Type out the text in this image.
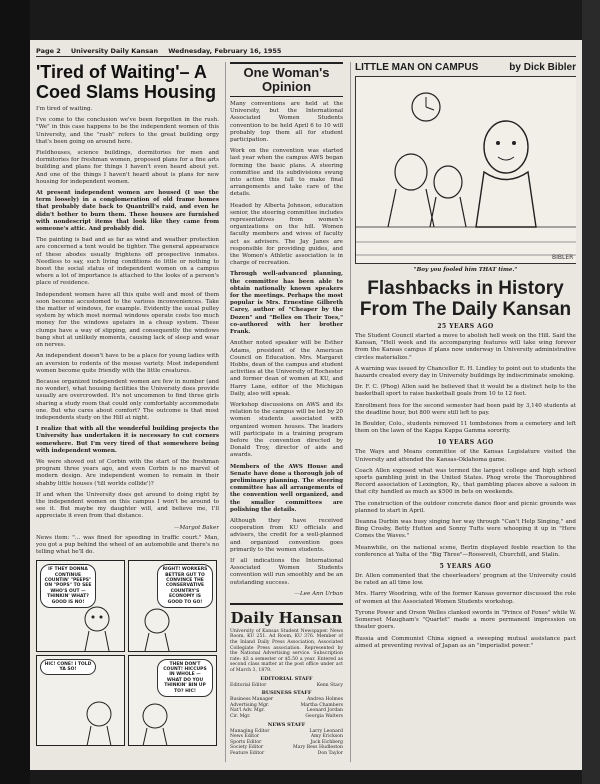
Page 2 University Daily Kansan Wednesday, February 16, 1955
'Tired of Waiting'– A Coed Slams Housing

I'm tired of waiting.

I've come to the conclusion we've been forgotten in the rush. "We" in this case happens to be the independent women of this University, and the "rush" refers to the great building orgy that's been going on around here.

Fieldhouses, science buildings, dormitories for men and dormitories for freshman women, proposed plans for a fine arts building and plans for things I haven't even heard about yet. And one of the things I haven't heard about is plans for new housing for independent women.

At present independent women are housed (I use the term loosely) in a conglomeration of old frame homes that probably date back to Quantrill's raid, and even he didn't bother to burn them. These houses are furnished with nondescript items that look like they came from someone's attic. And probably did.

The painting is bad and as far as wind and weather protection are concerned a tent would be tighter. The general appearance of these abodes usually frightens off prospective inmates. Needless to say, such living conditions do little or nothing to boost the social status of independent women on a campus where a lot of importance is attached to the looks of a person's place of residence.

Independent women have all this quite well and most of them soon become accustomed to the various inconveniences. Take the matter of windows, for example. Evidently the usual pulley system by which most normal windows operate costs too much money for the windows upstairs in a cheap system. These clumps have a way of slipping, and consequently the windows bang shut at unlikely moments, causing lack of sleep and wear on nerves.

An independent doesn't have to be a place for young ladies with an aversion to rodents of the mouse variety. Most independent women become quite friendly with the little creatures.

Because organized independent women are few in number (and no wonder), what housing facilities the University does provide usually are overcrowded. It's not uncommon to find three girls sharing a study room that could only comfortably accommodate one. But who cares about comfort? The outcome is that most independents study on the Hill at night.

I realize that with all the wonderful building projects the University has undertaken it is necessary to cut corners somewhere. But I'm very tired of that somewhere being with independent women.

We were shoved out of Corbin with the start of the freshman program three years ago, and even Corbin is no marvel of modern design. Are independent women to remain in their shabby little houses ('till worlds collide')?

If and when the University does get around to doing right by the independent women on this campus I won't be around to see it. But maybe my daughter will, and believe me, I'll appreciate it even from that distance.

—Margot Baker

News item: "... was fined for speeding in traffic court." Man, you got a pup behind the wheel of an automobile and there's no telling what he'll do.

IF THEY DONNA CONTINUE COUNTIN' "PEEPS" ON "POPS" TO SEE WHO'S OUT — THINKIN' WHAT? GOOD IS NO!
RIGHT! WORKERS BETTER GUT TO CONVINCE THE CONSERVATIVE COUNTRY'S ECONOMY IS GOOD TO GO!
HIC! CONE! I TOLD YA SO!
THEN DON'T COUNT! HICCUPS IN WHOLE — WHAT DO YOU THINKIN' BIN UP TO? HIC!
One Woman's Opinion

Many conventions are held at the University, but the International Associated Women Students convention to be held April 6 to 10 will probably top them all for student participation.

Work on the convention was started last year when the campus AWS began forming the basic plans. A steering committee and its subdivisions swung into action this fall to make final arrangements and take care of the details.

Headed by Alberta Johnson, education senior, the steering committee includes representatives from women's organizations on the hill. Women faculty members and wives of faculty act as advisers. The Jay Janes are responsible for providing guides, and the Women's Athletic association is in charge of recreation.

Through well-advanced planning, the committee has been able to obtain nationally known speakers for the meetings. Perhaps the most popular is Mrs. Ernestine Gilbreth Carey, author of "Cheaper by the Dozen" and "Belles on Their Toes," co-authored with her brother Frank.

Another noted speaker will be Esther Adams, president of the American Council on Education. Mrs. Margaret Hobbs, dean of the campus and student activities at the University of Rochester and former dean of women at KU, and Harry Lane, editor of the Michigan Daily, also will speak.

Workshop discussions on AWS and its relation to the campus will be led by 20 women students associated with organized women houses. The leaders will participate in a training program before the convention directed by Donald Troy, director of aids and awards.

Members of the AWS House and Senate have done a thorough job of preliminary planning. The steering committee has all arrangements of the convention well organized, and the smaller committees are polishing the details.

Although they have received cooperation from KU officials and advisers, the credit for a well-planned and organized convention goes primarily to the women students.

If all indications the International Associated Women Students convention will run smoothly and be an outstanding success.

—Lee Ann Urban
Daily Hansan

University of Kansas Student Newspaper. News Room, KU 251. Ad Room, KU 376. Member of the Inland Daily Press Association, Associated Collegiate Press association. Represented by the National Advertising service. Subscription rate: $3 a semester or $5.50 a year. Entered as second class matter at the post office under act of March 3, 1879.

EDITORIAL STAFF
Editorial Editor	Kenn Stacy
BUSINESS STAFF
Business Manager	Andrea Holmes
Advertising Mgr.	Martha Chambers
Nat'l Adv. Mgr.	Leonard Jordan
Cir. Mgr.	Georgia Walters
NEWS STAFF
Managing Editor	Larry Leonard
News Editor	Amy Erickson
Sports Editor	Jack Eichberg
Society Editor	Mary Bess Hudleston
Feature Editor	Don Taylor
LITTLE MAN ON CAMPUS	by Dick Bibler
BIBLER
"Boy you fooled him THAT time."
Flashbacks in History From The Daily Kansan
25 YEARS AGO

The Student Council started a move to abolish hell week on the Hill. Said the Kansan, "Hell week and its accompanying features will take wing forever from the Kansas campus if plans now underway in University administrative circles materialize."

A warning was issued by Chancellor E. H. Lindley to point out to students the hazards created every day in University buildings by indiscriminate smoking.

Dr. F. C. (Phog) Allen said he believed that it would be a distinct help to the basketball sport to raise basketball goals from 10 to 12 feet.

Enrollment fees for the second semester had been paid by 3,140 students at the deadline hour, but 800 were still left to pay.

In Boulder, Colo., students removed 11 tombstones from a cemetery and left them on the lawn of the Kappa Kappa Gamma sorority.

10 YEARS AGO

The Ways and Means committee of the Kansas Legislature visited the University and attended the Kansas-Oklahoma game.

Coach Allen exposed what was termed the largest college and high school sports gambling joint in the United States. Phog wrote the Thoroughbred Record association of Lexington, Ky., that gambling places above a saloon in that city handled as much as $500 in bets on weekends.

The construction of the outdoor concrete dance floor and picnic grounds was planned to start in April.

Deanna Durbin was busy singing her way through "Can't Help Singing," and Bing Crosby, Betty Hutton and Sonny Tufts were whooping it up in "Here Comes the Waves."

Meanwhile, on the national scene, Berlin displayed feeble reaction to the conference at Yalta of the "Big Three"—Roosevelt, Churchill, and Stalin.

5 YEARS AGO

Dr. Allen commented that the cheerleaders' program at the University could be rated an all time low.

Mrs. Harry Woodring, wife of the former Kansas governor discussed the role of women at the Associated Women Students workshop.

Tyrone Power and Orson Welles clanked swords in "Prince of Foxes" while W. Somerset Maugham's "Quartet" made a more permanent impression on theater goers.

Russia and Communist China signed a sweeping mutual assistance pact aimed at preventing revival of Japan as an "imperialist power."
